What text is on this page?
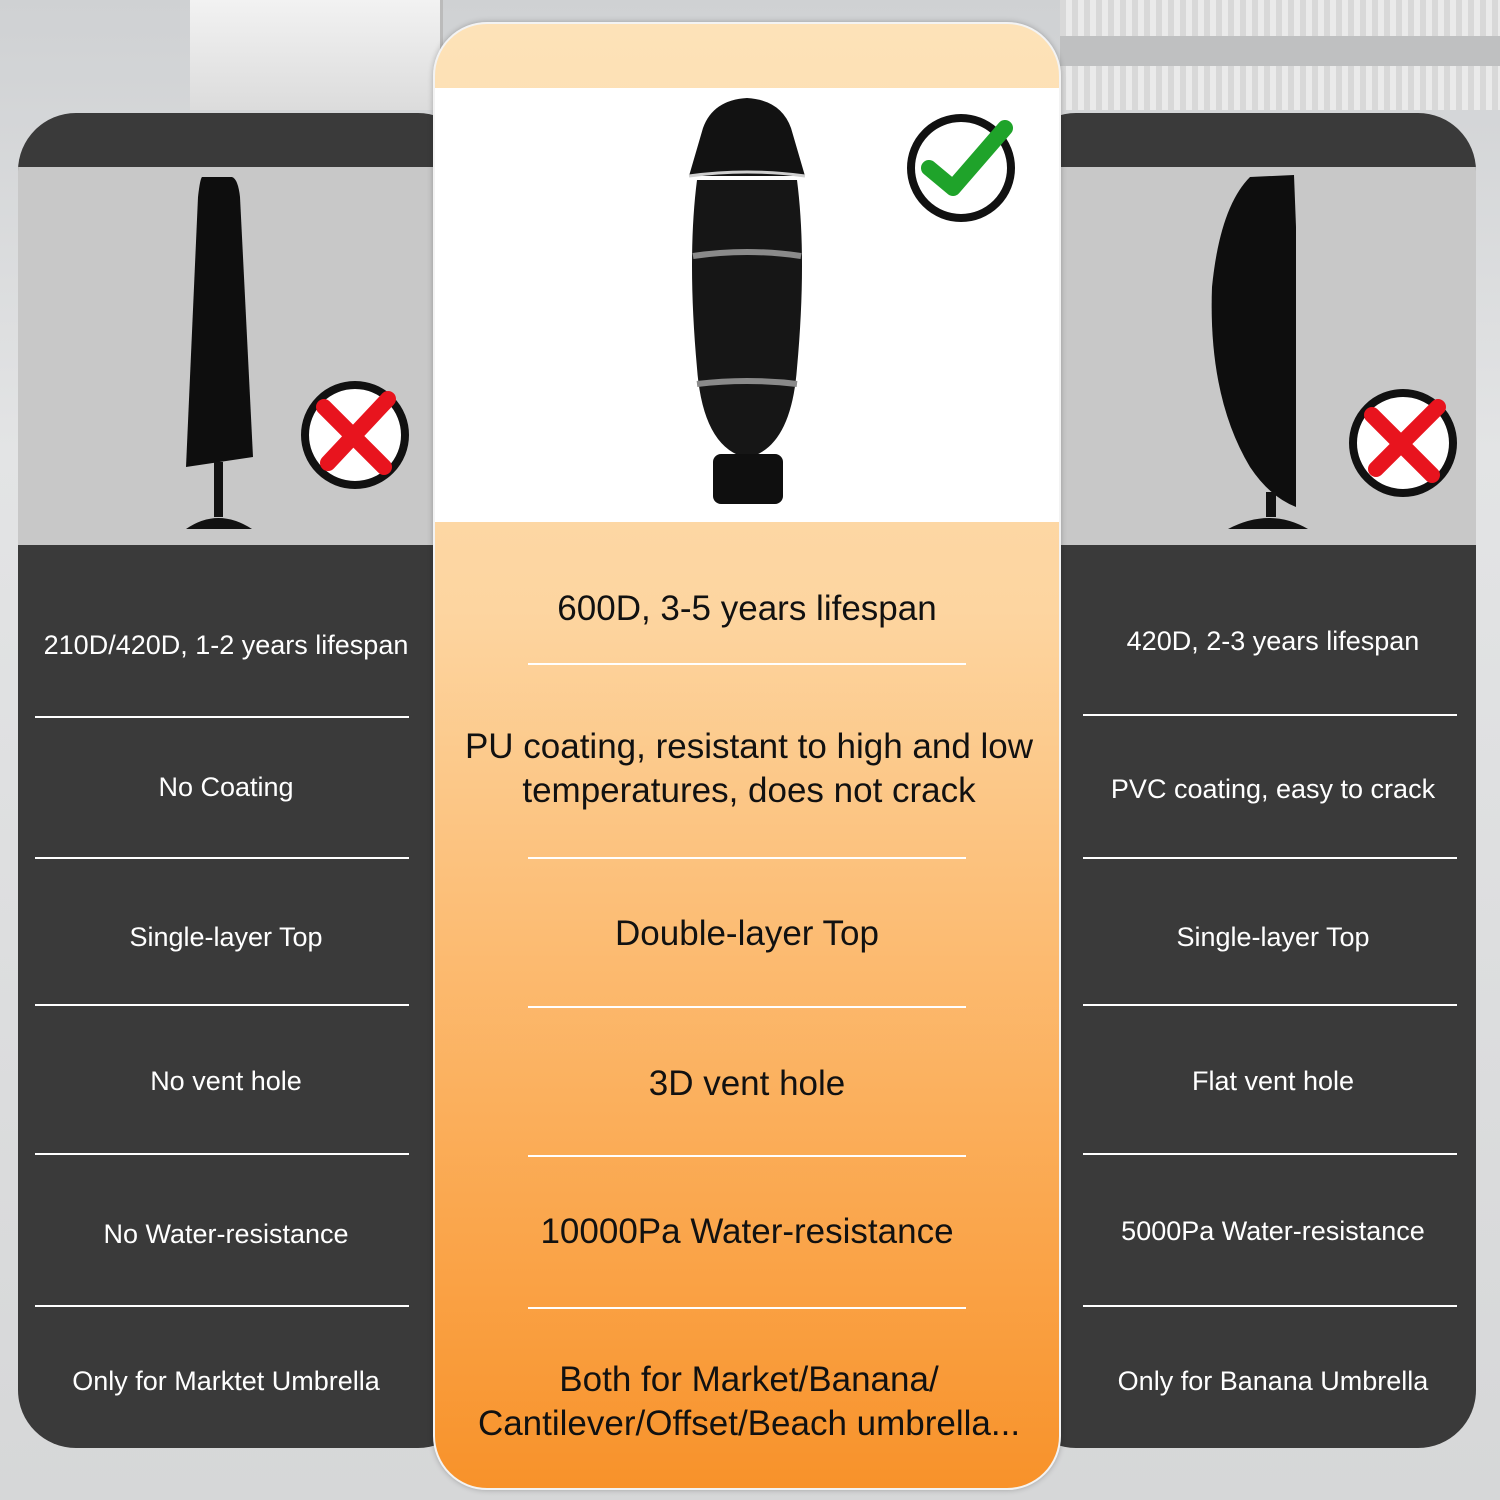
210D/420D, 1-2 years lifespan
No Coating
Single-layer Top
No vent hole
No Water-resistance
Only for Marktet Umbrella
420D, 2-3 years lifespan
PVC coating, easy to crack
Single-layer Top
Flat vent hole
5000Pa Water-resistance
Only for Banana Umbrella
600D, 3-5 years lifespan
PU coating, resistant to high and low temperatures, does not crack
Double-layer Top
3D vent hole
10000Pa Water-resistance
Both for Market/Banana/ Cantilever/Offset/Beach umbrella...
